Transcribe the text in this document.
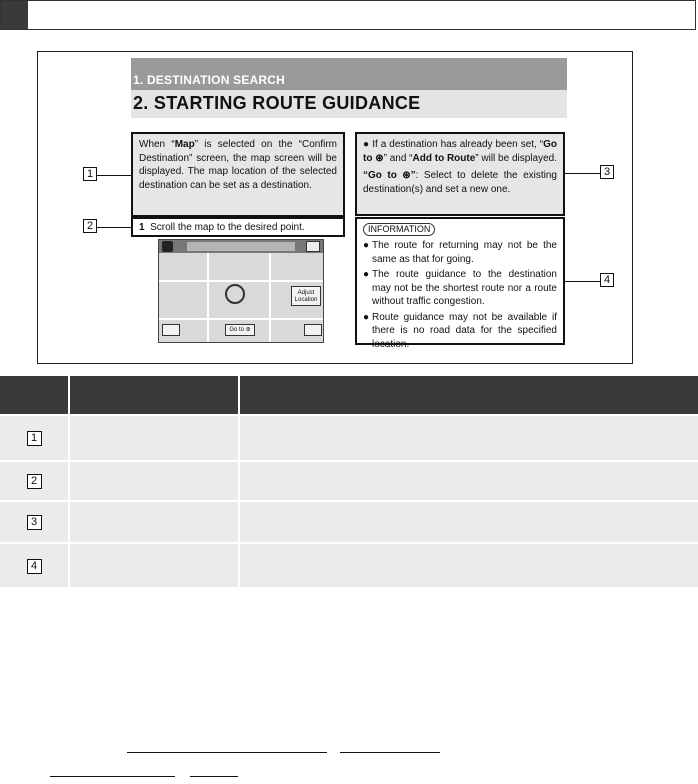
1. DESTINATION SEARCH
2. STARTING ROUTE GUIDANCE
When “Map” is selected on the “Confirm Destination” screen, the map screen will be displayed. The map location of the selected destination can be set as a destination.
1 Scroll the map to the desired point.

● If a destination has already been set, “Go to ⊛” and “Add to Route” will be displayed.

“Go to ⊛”: Select to delete the existing destination(s) and set a new one.

INFORMATION
● The route for returning may not be the same as that for going.
● The route guidance to the destination may not be the shortest route nor a route without traffic congestion.
● Route guidance may not be available if there is no road data for the specified location.
Adjust Location
Go to ⊛
1
2
3
4

1		
2		
3		
4		
